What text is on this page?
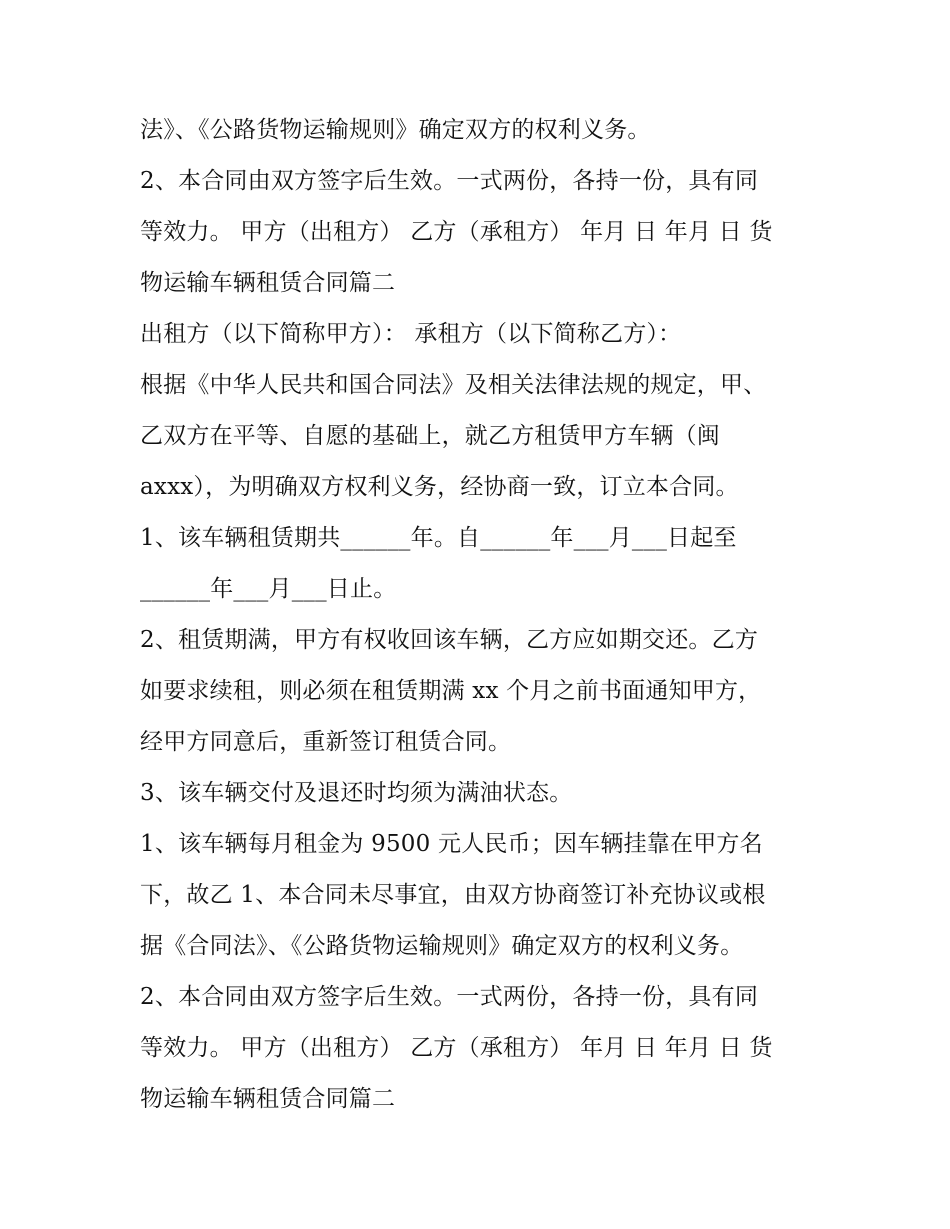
法》、《公路货物运输规则》确定双方的权利义务。
2、本合同由双方签字后生效。一式两份，各持一份，具有同
等效力。 甲方（出租方） 乙方（承租方） 年月 日 年月 日 货
物运输车辆租赁合同篇二
出租方（以下简称甲方）： 承租方（以下简称乙方）：
根据《中华人民共和国合同法》及相关法律法规的规定，甲、
乙双方在平等、自愿的基础上，就乙方租赁甲方车辆（闽
axxx），为明确双方权利义务，经协商一致，订立本合同。
1、该车辆租赁期共______年。自______年___月___日起至
______年___月___日止。
2、租赁期满，甲方有权收回该车辆，乙方应如期交还。乙方
如要求续租，则必须在租赁期满 xx 个月之前书面通知甲方，
经甲方同意后，重新签订租赁合同。
3、该车辆交付及退还时均须为满油状态。
1、该车辆每月租金为 9500 元人民币；因车辆挂靠在甲方名
下，故乙 1、本合同未尽事宜，由双方协商签订补充协议或根
据《合同法》、《公路货物运输规则》确定双方的权利义务。
2、本合同由双方签字后生效。一式两份，各持一份，具有同
等效力。 甲方（出租方） 乙方（承租方） 年月 日 年月 日 货
物运输车辆租赁合同篇二
